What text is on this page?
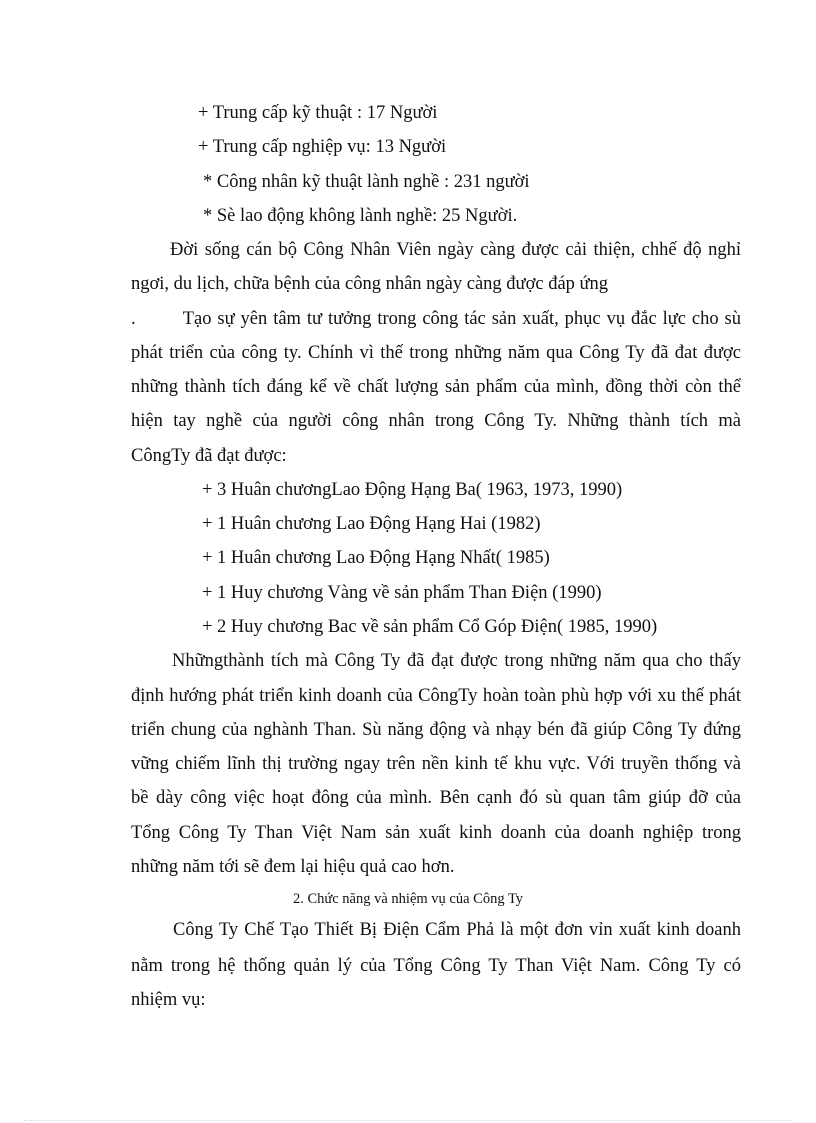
+ Trung cấp kỹ thuật : 17 Người
+ Trung cấp nghiệp vụ: 13 Người
* Công nhân kỹ thuật lành nghề : 231 người
* Sè lao động không lành nghề: 25 Người.
Đời sống cán bộ Công Nhân Viên ngày càng được cải thiện, chhế độ nghỉ
ngơi, du lịch, chữa bệnh của công nhân ngày càng được đáp ứng
.        Tạo sự yên tâm tư tưởng trong công tác sản xuất, phục vụ đắc lực cho sù
phát triển của công ty. Chính vì thế trong những năm qua Công Ty đã đat được
những thành tích đáng kể về chất lượng sản phẩm của mình, đồng thời còn thể
hiện tay nghề của người công nhân trong Công Ty. Những thành tích mà
CôngTy đã đạt được:
+ 3 Huân chươngLao Động Hạng Ba( 1963, 1973, 1990)
+ 1 Huân chương Lao Động Hạng Hai (1982)
+ 1 Huân chương Lao Động Hạng Nhất( 1985)
+ 1 Huy chương Vàng về sản phẩm Than Điện (1990)
+ 2 Huy chương Bac về sản phẩm Cổ Góp Điện( 1985, 1990)
Nhữngthành tích mà Công Ty đã đạt được trong những năm qua cho thấy
định hướng phát triển kinh doanh của CôngTy hoàn toàn phù hợp với xu thế phát
triển chung của nghành Than. Sù năng động và nhạy bén đã giúp Công Ty đứng
vững chiếm lĩnh thị trường ngay trên nền kinh tế khu vực. Với truyền thống và
bề dày công việc hoạt đông của mình. Bên cạnh đó sù quan tâm giúp đỡ của
Tổng Công Ty Than Việt Nam sản xuất kinh doanh của doanh nghiệp trong
những năm tới sẽ đem lại hiệu quả cao hơn.
2. Chức năng và nhiệm vụ của Công Ty
Công Ty Chế Tạo Thiết Bị Điện Cẩm Phả là một đơn vỉn xuất kinh doanh
nằm trong hệ thống quản lý của Tổng Công Ty Than Việt Nam. Công Ty có
nhiệm vụ:
